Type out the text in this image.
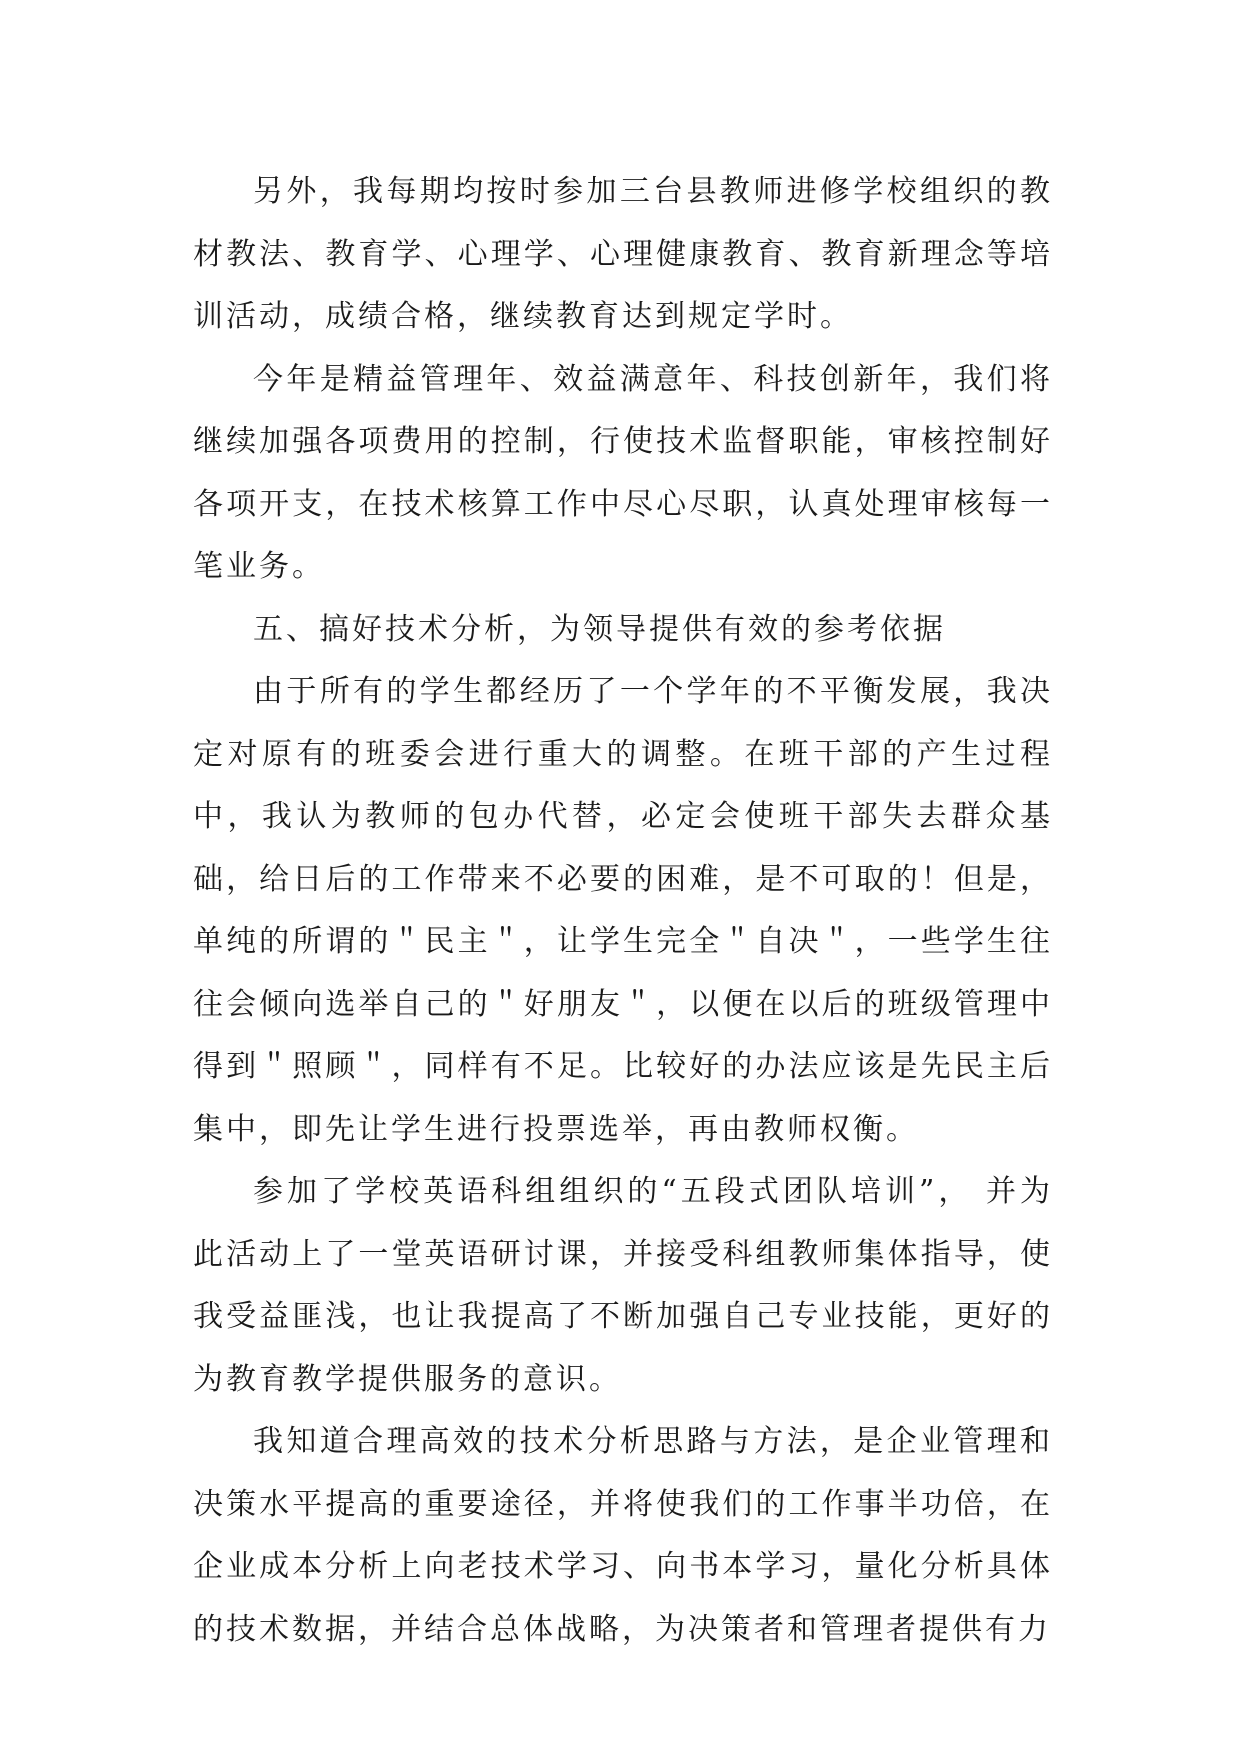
另外，我每期均按时参加三台县教师进修学校组织的教材教法、教育学、心理学、心理健康教育、教育新理念等培训活动，成绩合格，继续教育达到规定学时。

今年是精益管理年、效益满意年、科技创新年，我们将继续加强各项费用的控制，行使技术监督职能，审核控制好各项开支，在技术核算工作中尽心尽职，认真处理审核每一笔业务。

五、搞好技术分析，为领导提供有效的参考依据

由于所有的学生都经历了一个学年的不平衡发展，我决定对原有的班委会进行重大的调整。在班干部的产生过程中，我认为教师的包办代替，必定会使班干部失去群众基础，给日后的工作带来不必要的困难，是不可取的！但是，单纯的所谓的＂民主＂，让学生完全＂自决＂，一些学生往往会倾向选举自己的＂好朋友＂，以便在以后的班级管理中得到＂照顾＂，同样有不足。比较好的办法应该是先民主后集中，即先让学生进行投票选举，再由教师权衡。

参加了学校英语科组组织的“五段式团队培训”， 并为此活动上了一堂英语研讨课，并接受科组教师集体指导，使我受益匪浅，也让我提高了不断加强自己专业技能，更好的为教育教学提供服务的意识。

我知道合理高效的技术分析思路与方法，是企业管理和决策水平提高的重要途径，并将使我们的工作事半功倍，在企业成本分析上向老技术学习、向书本学习，量化分析具体的技术数据，并结合总体战略，为决策者和管理者提供有力
